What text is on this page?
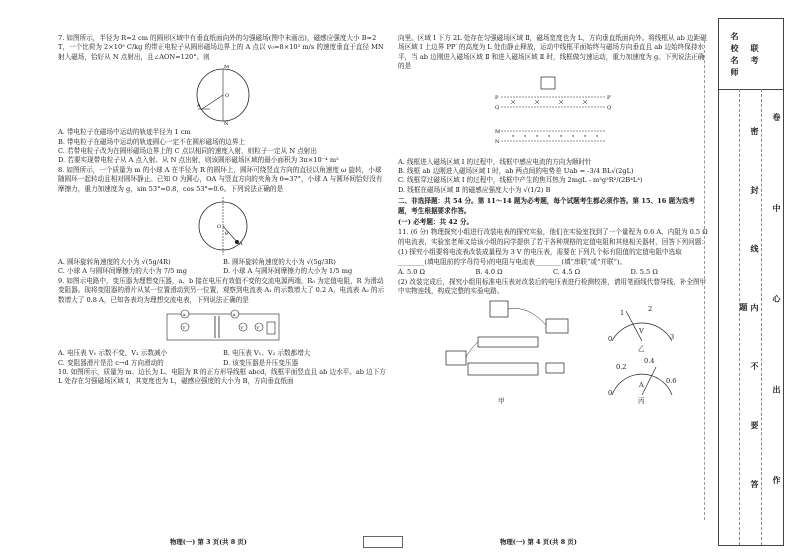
7. 如图所示，半径为 R=2 cm 的圆形区域中有垂直纸面向外的匀强磁场(图中未画出)，磁感应强度大小 B=2 T，一个比荷为 2×10⁵ C/kg 的带正电粒子从圆形磁场边界上的 A 点以 v₀=8×10³ m/s 的速度垂直于直径 MN 射入磁场，恰好从 N 点射出，且∠AON=120°。则

M
N
O
A

A. 带电粒子在磁场中运动的轨迹半径为 1 cm

B. 带电粒子在磁场中运动的轨迹圆心一定不在圆形磁场的边界上

C. 若带电粒子改为在圆形磁场边界上的 C 点以相同的速度入射，则粒子一定从 N 点射出

D. 若要实现带电粒子从 A 点入射、从 N 点出射，则该圆形磁场区域的最小面积为 3π×10⁻⁴ m²

8. 如图所示，一个质量为 m 的小球 A 在半径为 R 的圆环上，圆环可绕竖直方向的直径以角速度 ω 旋转，小球随圆环一起转动且相对圆环静止。已知 O 为圆心，OA 与竖直方向的夹角为 θ=37°，小球 A 与圆环间恰好没有摩擦力，重力加速度为 g，sin 53°=0.8，cos 53°=0.6。下列说法正确的是

O
A
θ
A. 圆环旋转角速度的大小为 √(5g/4R)	B. 圆环旋转角速度的大小为 √(5g/3R)
C. 小球 A 与圆环间摩擦力的大小为 7/5 mg	D. 小球 A 与圆环间摩擦力的大小为 1/5 mg

9. 如图示电路中，变压器为理想变压器，a、b 接在电压有效值不变的交流电源两端，R₀ 为定值电阻，R 为滑动变阻器。现将变阻器的滑片从某一位置滑动到另一位置，观察到电流表 A₁ 的示数增大了 0.2 A，电流表 A₂ 的示数增大了 0.8 A，已知各表均为理想交流电表，下列说法正确的是

A
V
A
V	V
A. 电压表 V₁ 示数不变，V₂ 示数减小	B. 电压表 V₁、V₂ 示数都增大
C. 变阻器滑片是沿 c→d 方向滑动的	D. 该变压器是升压变压器

10. 如图所示，质量为 m、边长为 L、电阻为 R 的正方形导线框 abcd，线框平面竖直且 ab 边水平。ab 边下方 L 处存在匀强磁场区域 Ⅰ，其宽度也为 L，磁感应强度的大小为 B，方向垂直纸面

向里。区域 Ⅰ 下方 2L 处存在匀强磁场区域 Ⅱ，磁场宽度也为 L，方向垂直纸面向外。将线框从 ab 边距磁场区域 Ⅰ 上边界 PP′ 的高度为 L 处由静止释放，运动中线框平面始终与磁场方向垂直且 ab 边始终保持水平，当 ab 边刚进入磁场区域 Ⅱ 和进入磁场区域 Ⅱ 时，线框做匀速运动，重力加速度为 g。下列说法正确的是

P	P′
Q	Q′
M
N

A. 线框进入磁场区域 Ⅰ 的过程中，线框中感应电流的方向为顺时针

B. 线框 ab 边刚进入磁场区域 Ⅰ 时，ab 两点间的电势差 Uab = -3/4 BL√(2gL)

C. 线框穿过磁场区域 Ⅰ 的过程中，线框中产生的焦耳热为 2mgL - m³g²R²/(2B⁴L⁴)

D. 线框在磁场区域 Ⅱ 的磁感应强度大小为 √(1/2) B

二、非选择题：共 54 分。第 11～14 题为必考题，每个试题考生都必须作答。第 15、16 题为选考题，考生根据要求作答。

(一) 必考题：共 42 分。

11. (6 分) 物理探究小组进行改装电表的探究实验，他们在实验室找到了一个量程为 0.6 A、内阻为 0.5 Ω 的电流表，实验室老师又给该小组的同学提供了若干各种规格的定值电阻和其他相关器材，回答下列问题：

(1) 探究小组要将电流表改装成量程为 3 V 的电压表，需要在下列几个标有阻值的定值电阻中选取________(填电阻前的字母符号)的电阻与电流表________(填“串联”或“并联”)。

A. 5.0 Ω	B. 4.0 Ω	C. 4.5 Ω	D. 5.5 Ω

(2) 改装完成后，探究小组用标准电压表对改装后的电压表进行检测校准，请用笔画线代替导线，补全图甲中实物连线，构成完整的实验电路。

甲
0
1	2
3
V
乙
0
0.2
0.4
0.6
A
丙
物理(一) 第 3 页(共 8 页)	物理(一) 第 4 页(共 8 页)
名校名师
联考
密 封 线 内 不 要 答 题	卷 中 心 出 作
